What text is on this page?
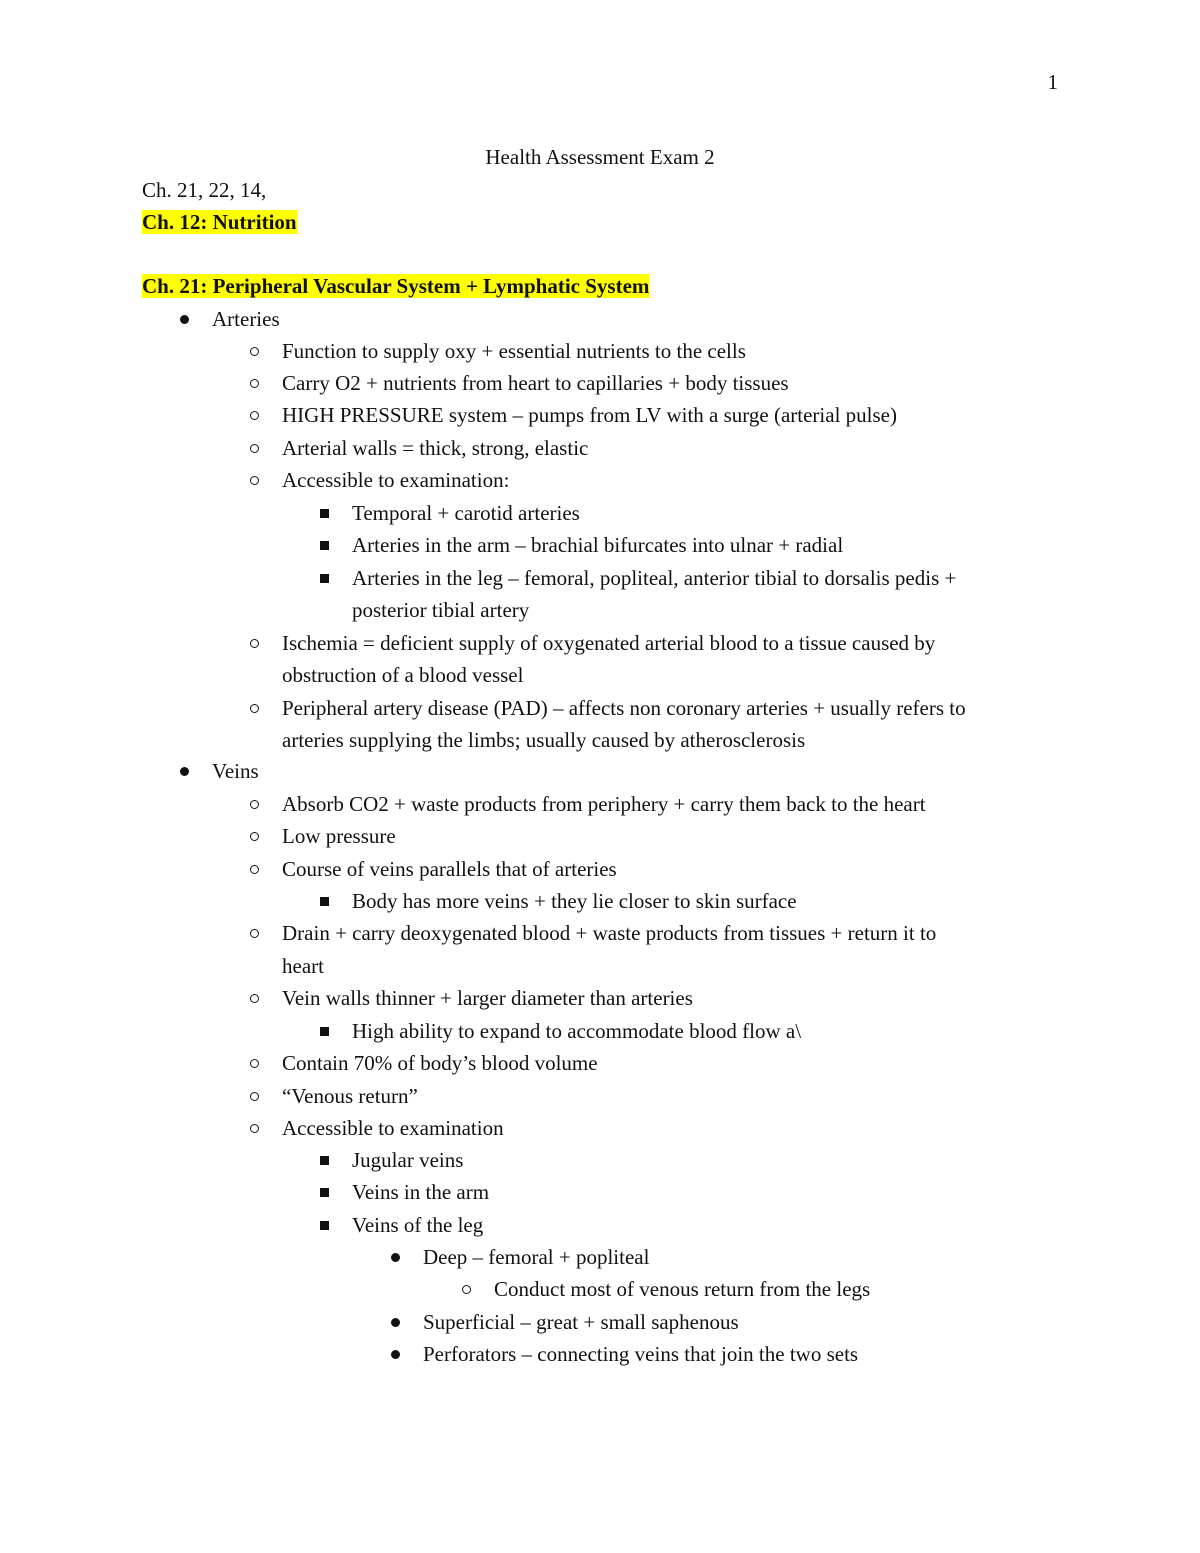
1
Health Assessment Exam 2
Ch. 21, 22, 14,
Ch. 12: Nutrition
Ch. 21: Peripheral Vascular System + Lymphatic System
Arteries
Function to supply oxy + essential nutrients to the cells
Carry O2 + nutrients from heart to capillaries + body tissues
HIGH PRESSURE system – pumps from LV with a surge (arterial pulse)
Arterial walls = thick, strong, elastic
Accessible to examination:
Temporal + carotid arteries
Arteries in the arm – brachial bifurcates into ulnar + radial
Arteries in the leg – femoral, popliteal, anterior tibial to dorsalis pedis +
posterior tibial artery
Ischemia = deficient supply of oxygenated arterial blood to a tissue caused by
obstruction of a blood vessel
Peripheral artery disease (PAD) – affects non coronary arteries + usually refers to
arteries supplying the limbs; usually caused by atherosclerosis
Veins
Absorb CO2 + waste products from periphery + carry them back to the heart
Low pressure
Course of veins parallels that of arteries
Body has more veins + they lie closer to skin surface
Drain + carry deoxygenated blood + waste products from tissues + return it to
heart
Vein walls thinner + larger diameter than arteries
High ability to expand to accommodate blood flow a\
Contain 70% of body’s blood volume
“Venous return”
Accessible to examination
Jugular veins
Veins in the arm
Veins of the leg
Deep – femoral + popliteal
Conduct most of venous return from the legs
Superficial – great + small saphenous
Perforators – connecting veins that join the two sets
